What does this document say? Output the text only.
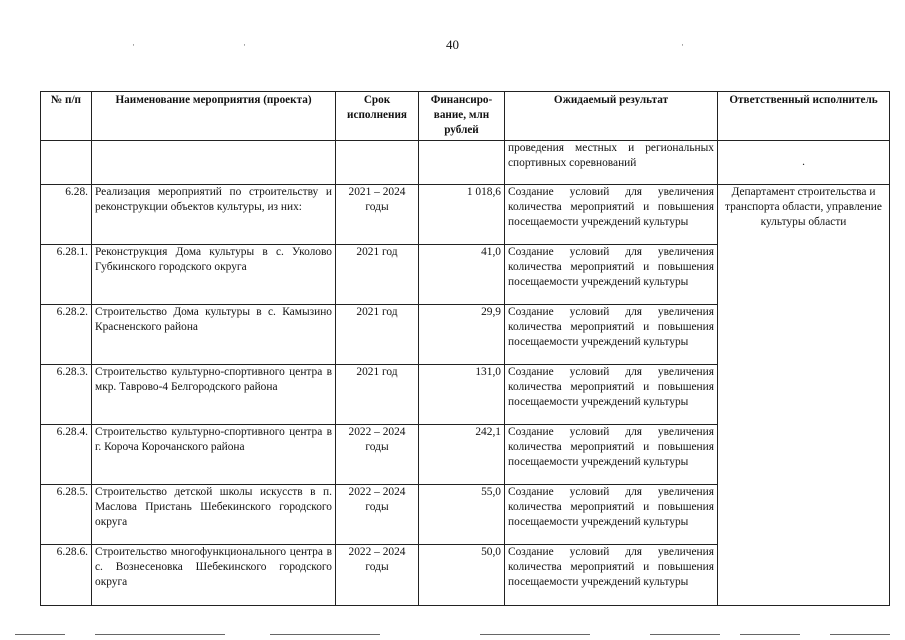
40
·	·	·
№ п/п	Наименование мероприятия (проекта)	Срок исполнения	Финансиро-вание, млн рублей	Ожидаемый результат	Ответственный исполнитель
				проведения местных и региональных спортивных соревнований	.
6.28.	Реализация мероприятий по строительству и реконструкции объектов культуры, из них:	2021 – 2024 годы	1 018,6	Создание условий для увеличения количества мероприятий и повышения посещаемости учреждений культуры	Департамент строительства и транспорта области, управление культуры области
6.28.1.	Реконструкция Дома культуры в с. Уколово Губкинского городского округа	2021 год	41,0	Создание условий для увеличения количества мероприятий и повышения посещаемости учреждений культуры	
6.28.2.	Строительство Дома культуры в с. Камызино Красненского района	2021 год	29,9	Создание условий для увеличения количества мероприятий и повышения посещаемости учреждений культуры	
6.28.3.	Строительство культурно-спортивного центра в мкр. Таврово-4 Белгородского района	2021 год	131,0	Создание условий для увеличения количества мероприятий и повышения посещаемости учреждений культуры	
6.28.4.	Строительство культурно-спортивного центра в г. Короча Корочанского района	2022 – 2024 годы	242,1	Создание условий для увеличения количества мероприятий и повышения посещаемости учреждений культуры	
6.28.5.	Строительство детской школы искусств в п. Маслова Пристань Шебекинского городского округа	2022 – 2024 годы	55,0	Создание условий для увеличения количества мероприятий и повышения посещаемости учреждений культуры	
6.28.6.	Строительство многофункционального центра в с. Вознесеновка Шебекинского городского округа	2022 – 2024 годы	50,0	Создание условий для увеличения количества мероприятий и повышения посещаемости учреждений культуры	
